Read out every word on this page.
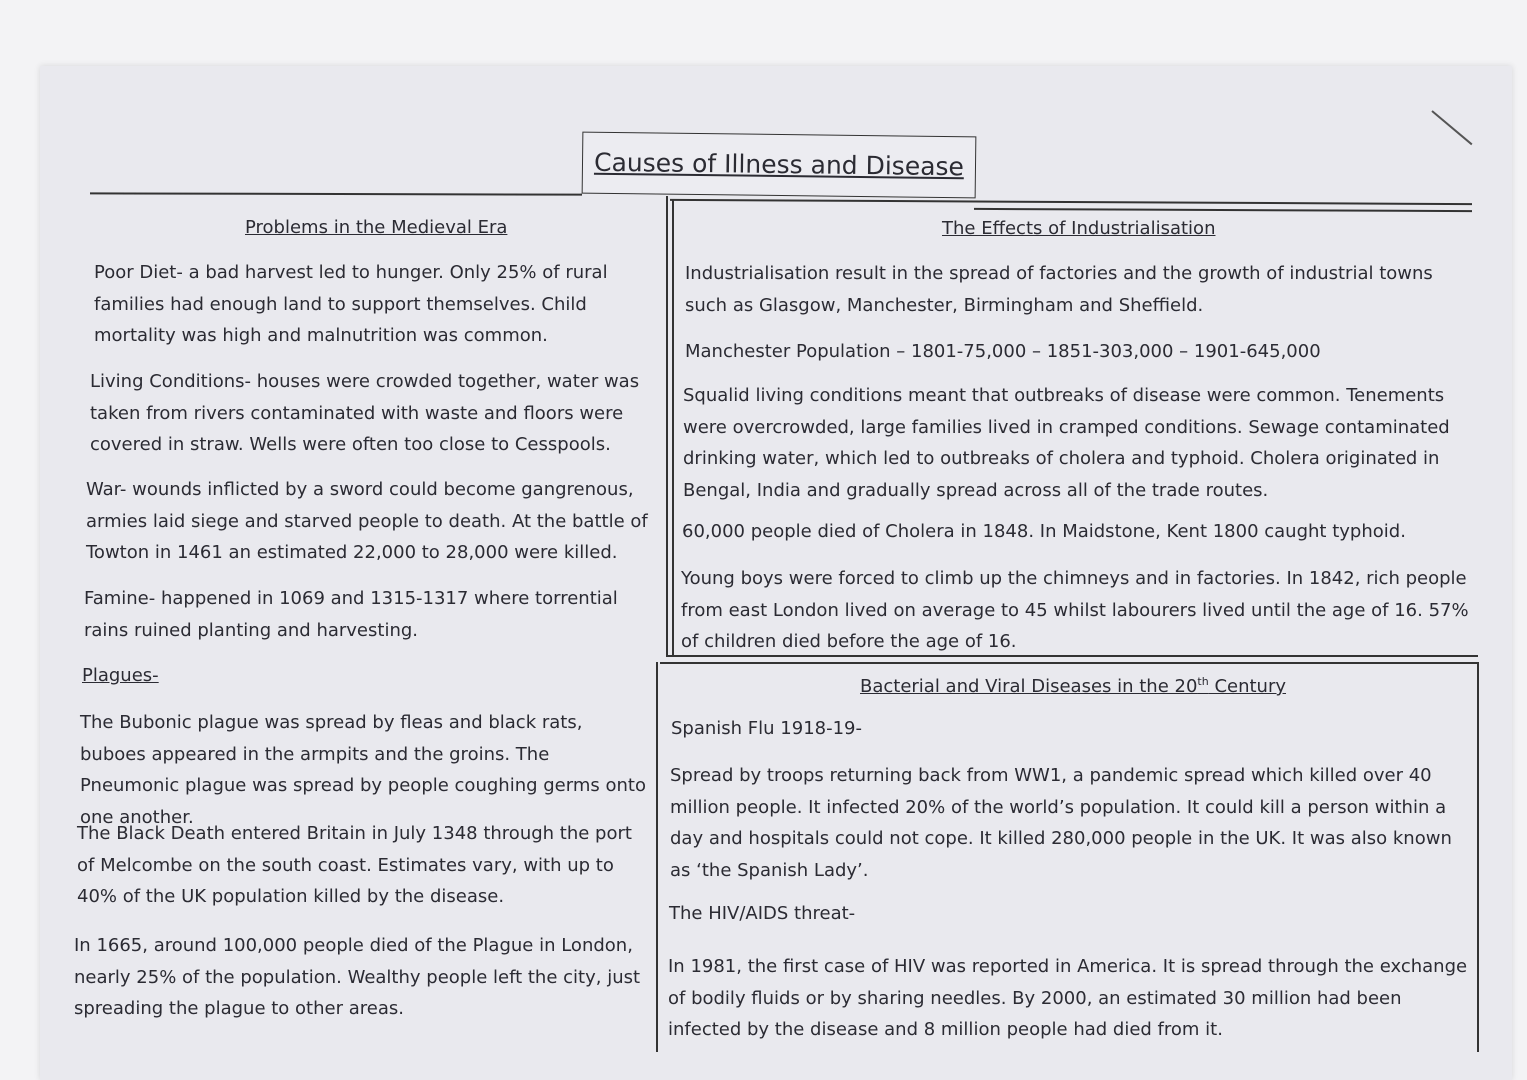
Causes of Illness and Disease
Problems in the Medieval Era

Poor Diet- a bad harvest led to hunger. Only 25% of rural families had enough land to support themselves. Child mortality was high and malnutrition was common.

Living Conditions- houses were crowded together, water was taken from rivers contaminated with waste and floors were covered in straw. Wells were often too close to Cesspools.

War- wounds inflicted by a sword could become gangrenous, armies laid siege and starved people to death. At the battle of Towton in 1461 an estimated 22,000 to 28,000 were killed.

Famine- happened in 1069 and 1315-1317 where torrential rains ruined planting and harvesting.

Plagues-

The Bubonic plague was spread by fleas and black rats, buboes appeared in the armpits and the groins. The Pneumonic plague was spread by people coughing germs onto one another.

The Black Death entered Britain in July 1348 through the port of Melcombe on the south coast. Estimates vary, with up to 40% of the UK population killed by the disease.

In 1665, around 100,000 people died of the Plague in London, nearly 25% of the population. Wealthy people left the city, just spreading the plague to other areas.

The Effects of Industrialisation

Industrialisation result in the spread of factories and the growth of industrial towns such as Glasgow, Manchester, Birmingham and Sheffield.

Manchester Population – 1801-75,000 – 1851-303,000 – 1901-645,000

Squalid living conditions meant that outbreaks of disease were common. Tenements were overcrowded, large families lived in cramped conditions. Sewage contaminated drinking water, which led to outbreaks of cholera and typhoid. Cholera originated in Bengal, India and gradually spread across all of the trade routes.

60,000 people died of Cholera in 1848. In Maidstone, Kent 1800 caught typhoid.

Young boys were forced to climb up the chimneys and in factories. In 1842, rich people from east London lived on average to 45 whilst labourers lived until the age of 16. 57% of children died before the age of 16.

Bacterial and Viral Diseases in the 20th Century
Spanish Flu 1918-19-

Spread by troops returning back from WW1, a pandemic spread which killed over 40 million people. It infected 20% of the world’s population. It could kill a person within a day and hospitals could not cope. It killed 280,000 people in the UK. It was also known as ‘the Spanish Lady’.

The HIV/AIDS threat-

In 1981, the first case of HIV was reported in America. It is spread through the exchange of bodily fluids or by sharing needles. By 2000, an estimated 30 million had been infected by the disease and 8 million people had died from it.
